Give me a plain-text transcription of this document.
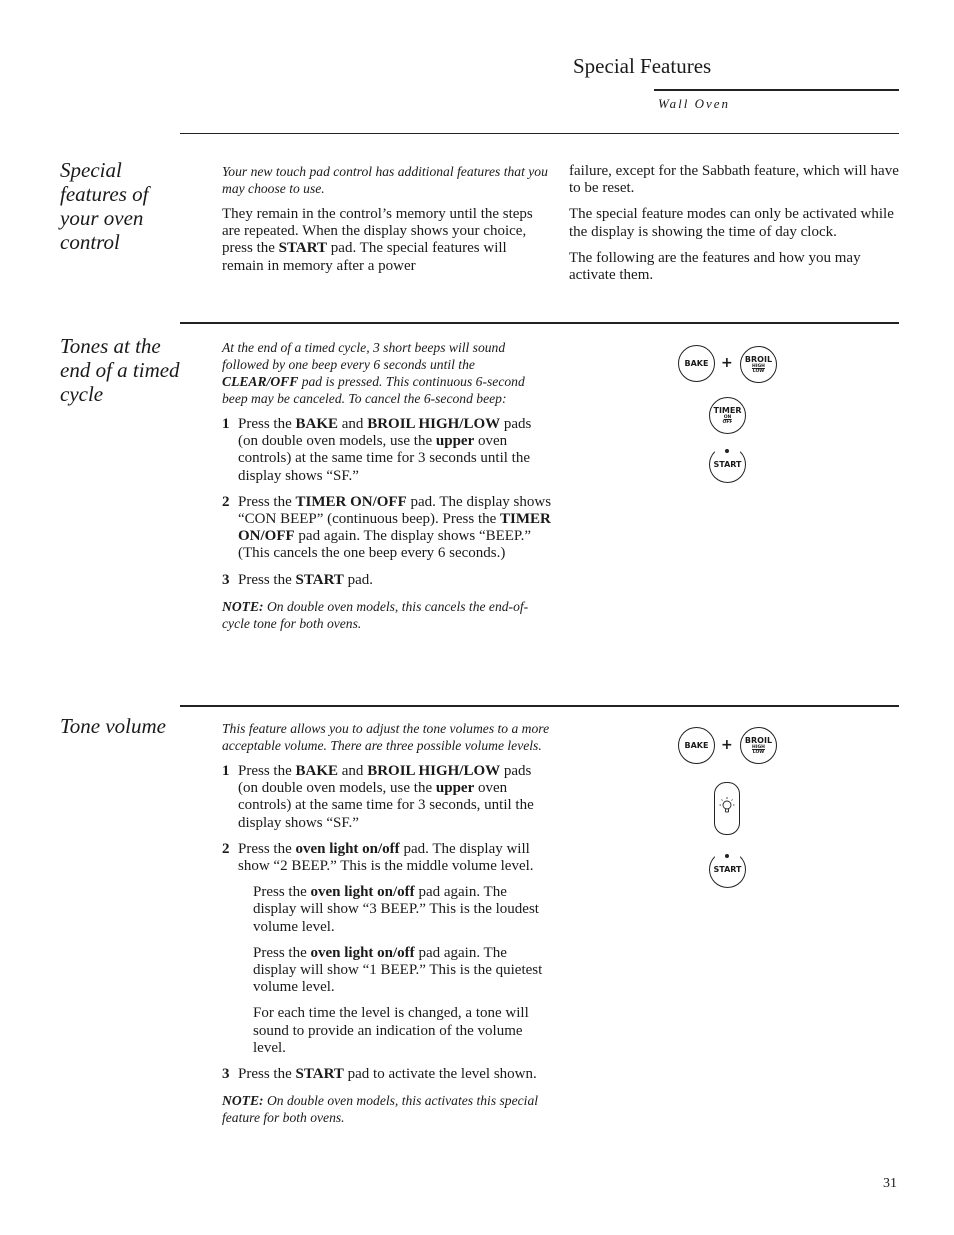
Special Features
Wall Oven
Special features of your oven control

Your new touch pad control has additional features that you may choose to use.

They remain in the control’s memory until the steps are repeated. When the display shows your choice, press the START pad. The special features will remain in memory after a power

failure, except for the Sabbath feature, which will have to be reset.

The special feature modes can only be activated while the display is showing the time of day clock.

The following are the features and how you may activate them.

Tones at the end of a timed cycle

At the end of a timed cycle, 3 short beeps will sound followed by one beep every 6 seconds until the CLEAR/OFF pad is pressed. This continuous 6-second beep may be canceled. To cancel the 6-second beep:

1 Press the BAKE and BROIL HIGH/LOW pads (on double oven models, use the upper oven controls) at the same time for 3 seconds until the display shows “SF.”
2 Press the TIMER ON/OFF pad. The display shows “CON BEEP” (continuous beep). Press the TIMER ON/OFF pad again. The display shows “BEEP.” (This cancels the one beep every 6 seconds.)
3 Press the START pad.

NOTE: On double oven models, this cancels the end-of-cycle tone for both ovens.

BAKE + BROIL
HIGH
LOW
TIMER
ON
OFF
START
Tone volume	This feature allows you to adjust the tone volumes to a more acceptable volume. There are three possible volume levels.

1 Press the BAKE and BROIL HIGH/LOW pads (on double oven models, use the upper oven controls) at the same time for 3 seconds, until the display shows “SF.”
2 Press the oven light on/off pad. The display will show “2 BEEP.” This is the middle volume level.

Press the oven light on/off pad again. The display will show “3 BEEP.” This is the loudest volume level.

Press the oven light on/off pad again. The display will show “1 BEEP.” This is the quietest volume level.

For each time the level is changed, a tone will sound to provide an indication of the volume level.

3 Press the START pad to activate the level shown.

NOTE: On double oven models, this activates this special feature for both ovens.

BAKE + BROIL
HIGH
LOW
START
31
